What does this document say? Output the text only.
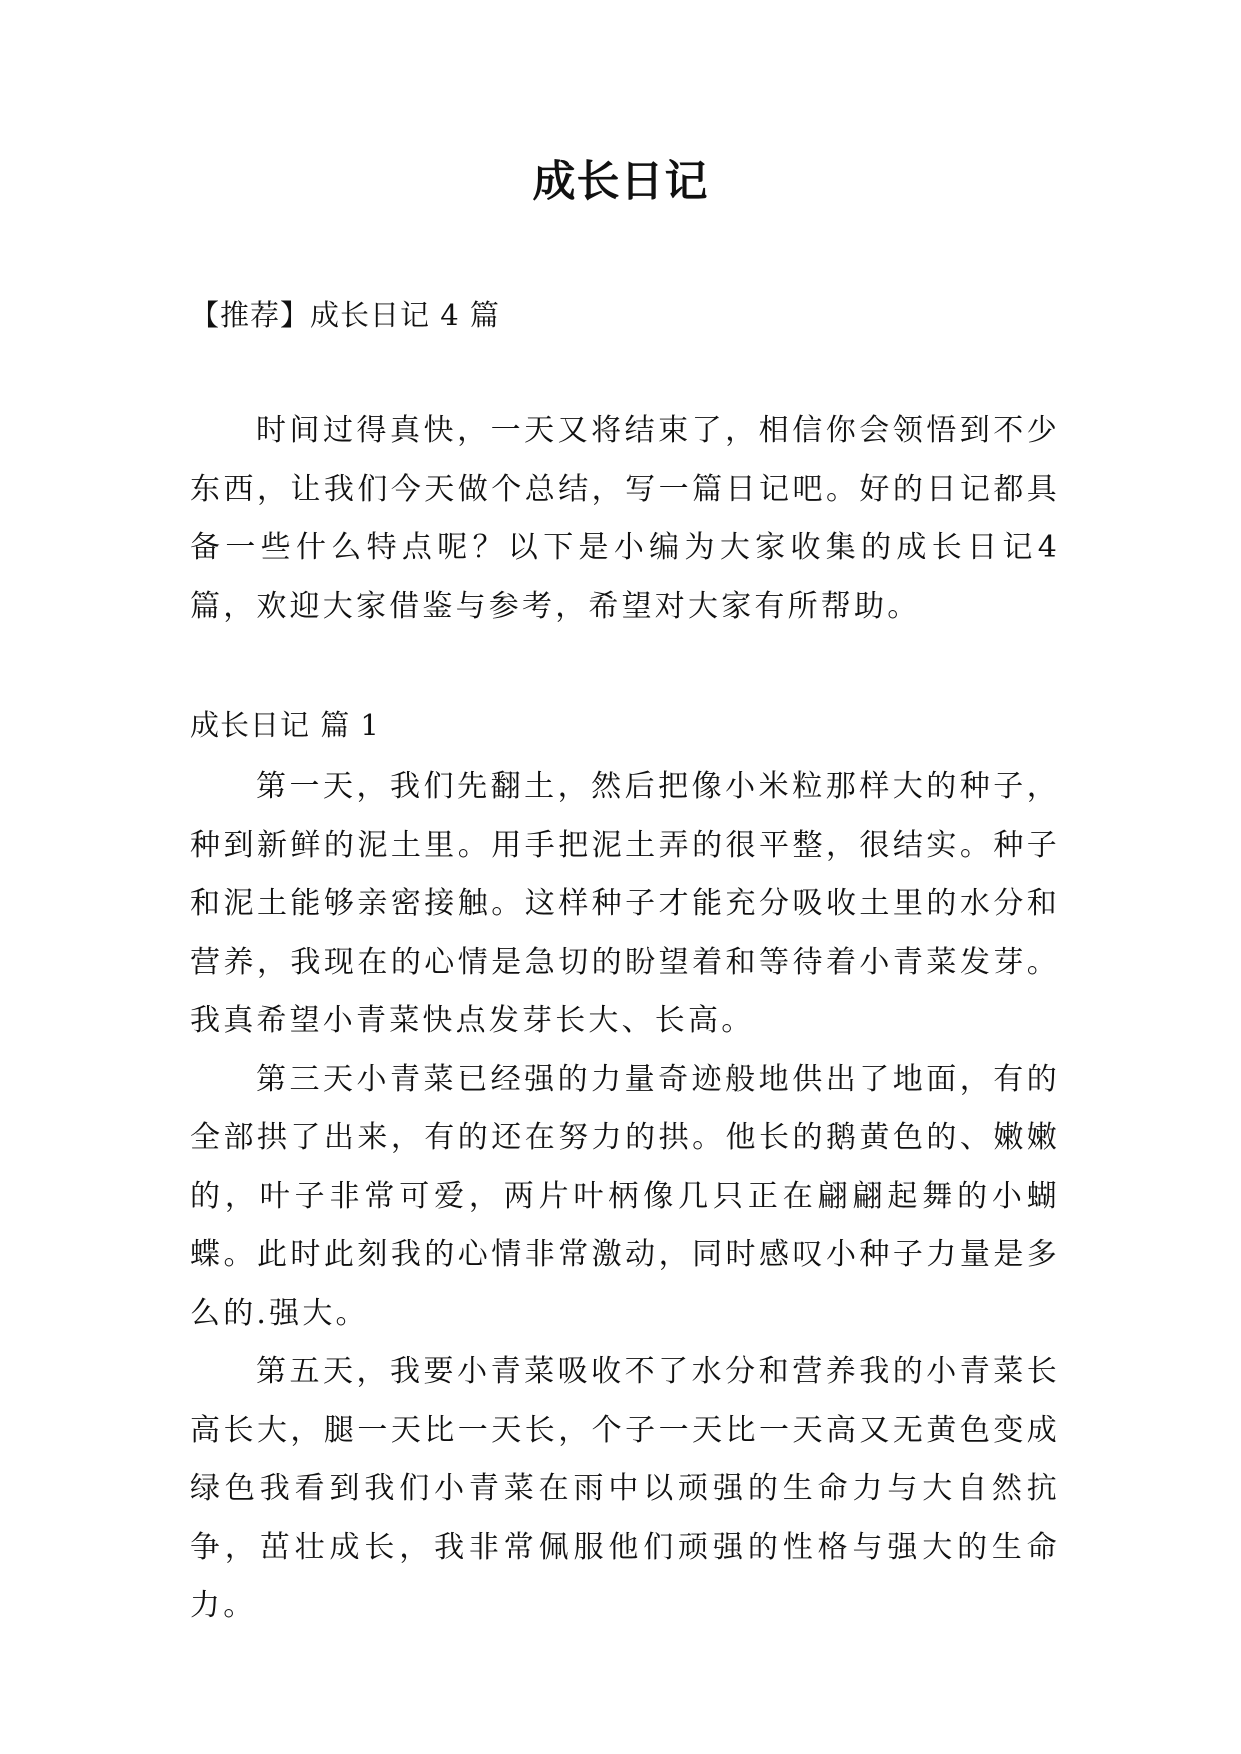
成长日记

【推荐】成长日记 4 篇

时间过得真快，一天又将结束了，相信你会领悟到不少东西，让我们今天做个总结，写一篇日记吧。好的日记都具备一些什么特点呢？以下是小编为大家收集的成长日记4篇，欢迎大家借鉴与参考，希望对大家有所帮助。

成长日记 篇 1

第一天，我们先翻土，然后把像小米粒那样大的种子，种到新鲜的泥土里。用手把泥土弄的很平整，很结实。种子和泥土能够亲密接触。这样种子才能充分吸收土里的水分和营养，我现在的心情是急切的盼望着和等待着小青菜发芽。我真希望小青菜快点发芽长大、长高。

第三天小青菜已经强的力量奇迹般地供出了地面，有的全部拱了出来，有的还在努力的拱。他长的鹅黄色的、嫩嫩的，叶子非常可爱，两片叶柄像几只正在翩翩起舞的小蝴蝶。此时此刻我的心情非常激动，同时感叹小种子力量是多么的.强大。

第五天，我要小青菜吸收不了水分和营养我的小青菜长高长大，腿一天比一天长，个子一天比一天高又无黄色变成绿色我看到我们小青菜在雨中以顽强的生命力与大自然抗争，茁壮成长，我非常佩服他们顽强的性格与强大的生命力。
